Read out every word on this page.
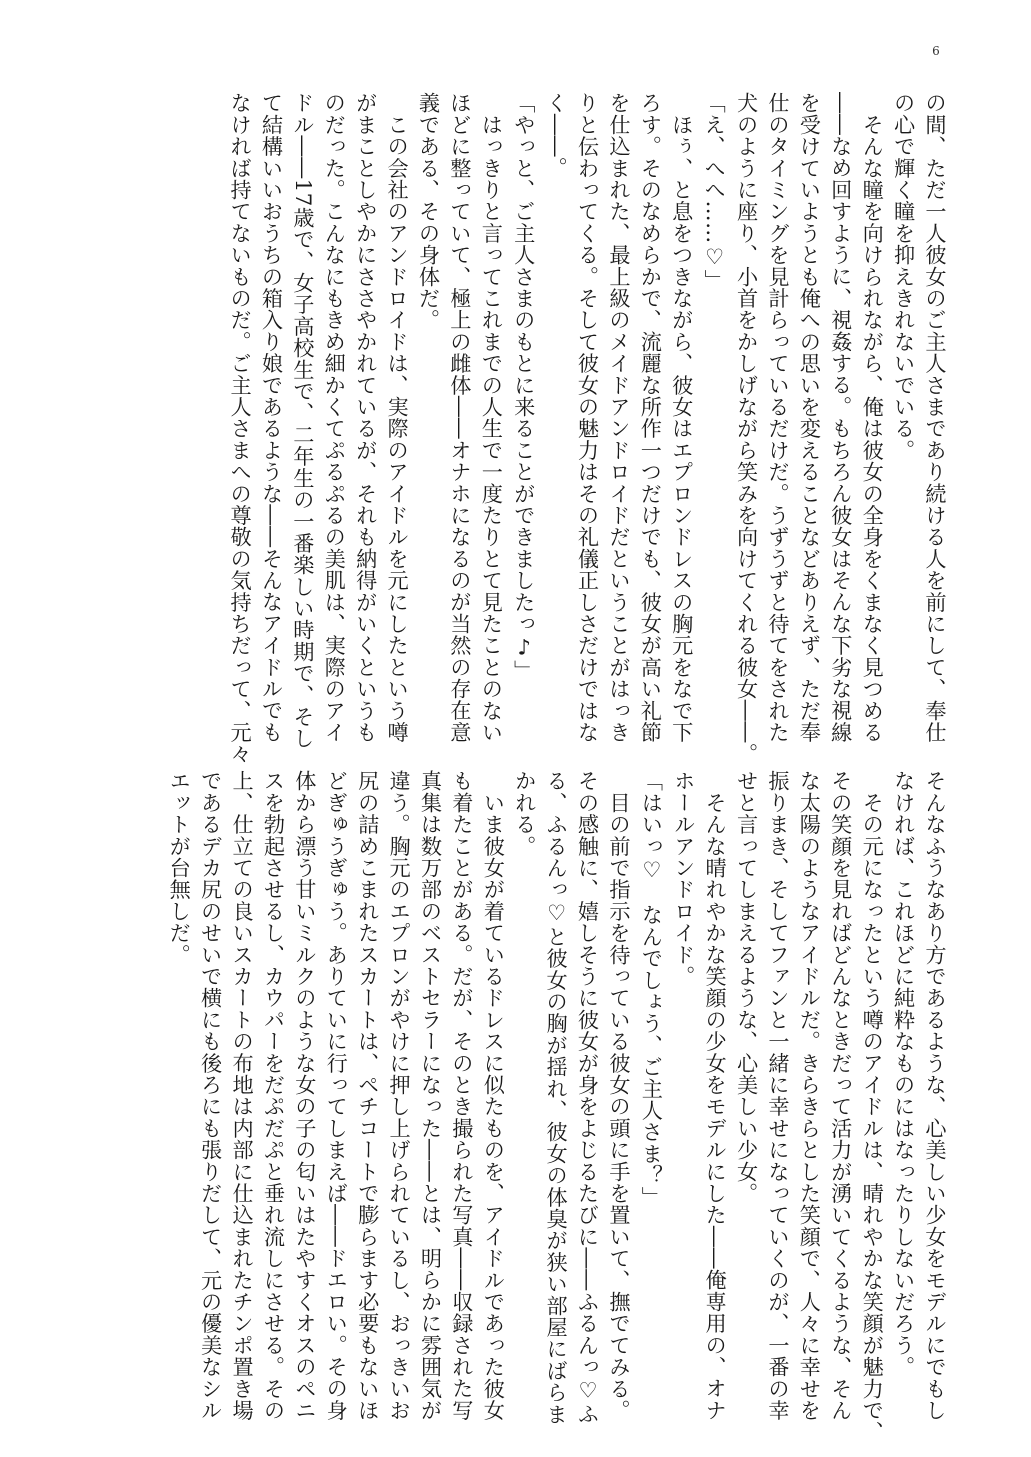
6

の間、ただ一人彼女のご主人さまであり続ける人を前にして、奉仕

の心で輝く瞳を抑えきれないでいる。

　そんな瞳を向けられながら、俺は彼女の全身をくまなく見つめる

――なめ回すように、視姦する。もちろん彼女はそんな下劣な視線

を受けていようとも俺への思いを変えることなどありえず、ただ奉

仕のタイミングを見計らっているだけだ。うずうずと待てをされた

犬のように座り、小首をかしげながら笑みを向けてくれる彼女――。

「え、へへ……♡」

　ほぅ、と息をつきながら、彼女はエプロンドレスの胸元をなで下

ろす。そのなめらかで、流麗な所作一つだけでも、彼女が高い礼節

を仕込まれた、最上級のメイドアンドロイドだということがはっき

りと伝わってくる。そして彼女の魅力はその礼儀正しさだけではな

く――。

「やっと、ご主人さまのもとに来ることができましたっ♪」

　はっきりと言ってこれまでの人生で一度たりとて見たことのない

ほどに整っていて、極上の雌体――オナホになるのが当然の存在意

義である、その身体だ。

　この会社のアンドロイドは、実際のアイドルを元にしたという噂

がまことしやかにささやかれているが、それも納得がいくというも

のだった。こんなにもきめ細かくてぷるぷるの美肌は、実際のアイ

ドル――17歳で、女子高校生で、二年生の一番楽しい時期で、そし

て結構いいおうちの箱入り娘であるような――そんなアイドルでも

なければ持てないものだ。ご主人さまへの尊敬の気持ちだって、元々

そんなふうなあり方であるような、心美しい少女をモデルにでもし

なければ、これほどに純粋なものにはなったりしないだろう。

　その元になったという噂のアイドルは、晴れやかな笑顔が魅力で、

その笑顔を見ればどんなときだって活力が湧いてくるような、そん

な太陽のようなアイドルだ。きらきらとした笑顔で、人々に幸せを

振りまき、そしてファンと一緒に幸せになっていくのが、一番の幸

せと言ってしまえるような、心美しい少女。

　そんな晴れやかな笑顔の少女をモデルにした――俺専用の、オナ

ホールアンドロイド。

「はいっ♡　なんでしょう、ご主人さま？」

　目の前で指示を待っている彼女の頭に手を置いて、撫でてみる。

その感触に、嬉しそうに彼女が身をよじるたびに――ふるんっ♡ふ

る、ふるんっ♡と彼女の胸が揺れ、彼女の体臭が狭い部屋にばらま

かれる。

　いま彼女が着ているドレスに似たものを、アイドルであった彼女

も着たことがある。だが、そのとき撮られた写真――収録された写

真集は数万部のベストセラーになった――とは、明らかに雰囲気が

違う。胸元のエプロンがやけに押し上げられているし、おっきいお

尻の詰めこまれたスカートは、ペチコートで膨らます必要もないほ

どぎゅうぎゅう。ありていに行ってしまえば――ドエロい。その身

体から漂う甘いミルクのような女の子の匂いはたやすくオスのペニ

スを勃起させるし、カウパーをだぷだぷと垂れ流しにさせる。その

上、仕立ての良いスカートの布地は内部に仕込まれたチンポ置き場

であるデカ尻のせいで横にも後ろにも張りだして、元の優美なシル

エットが台無しだ。
